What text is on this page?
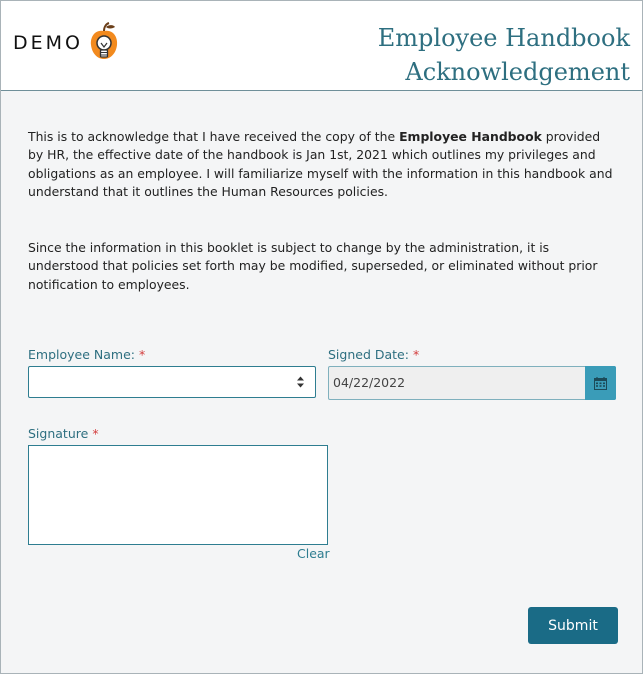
DEMO	Employee Handbook
Acknowledgement

This is to acknowledge that I have received the copy of the Employee Handbook provided by HR, the effective date of the handbook is Jan 1st, 2021 which outlines my privileges and obligations as an employee. I will familiarize myself with the information in this handbook and understand that it outlines the Human Resources policies.

Since the information in this booklet is subject to change by the administration, it is understood that policies set forth may be modified, superseded, or eliminated without prior notification to employees.

Employee Name: *	Signed Date: *
04/22/2022
Signature *
Clear
Submit
